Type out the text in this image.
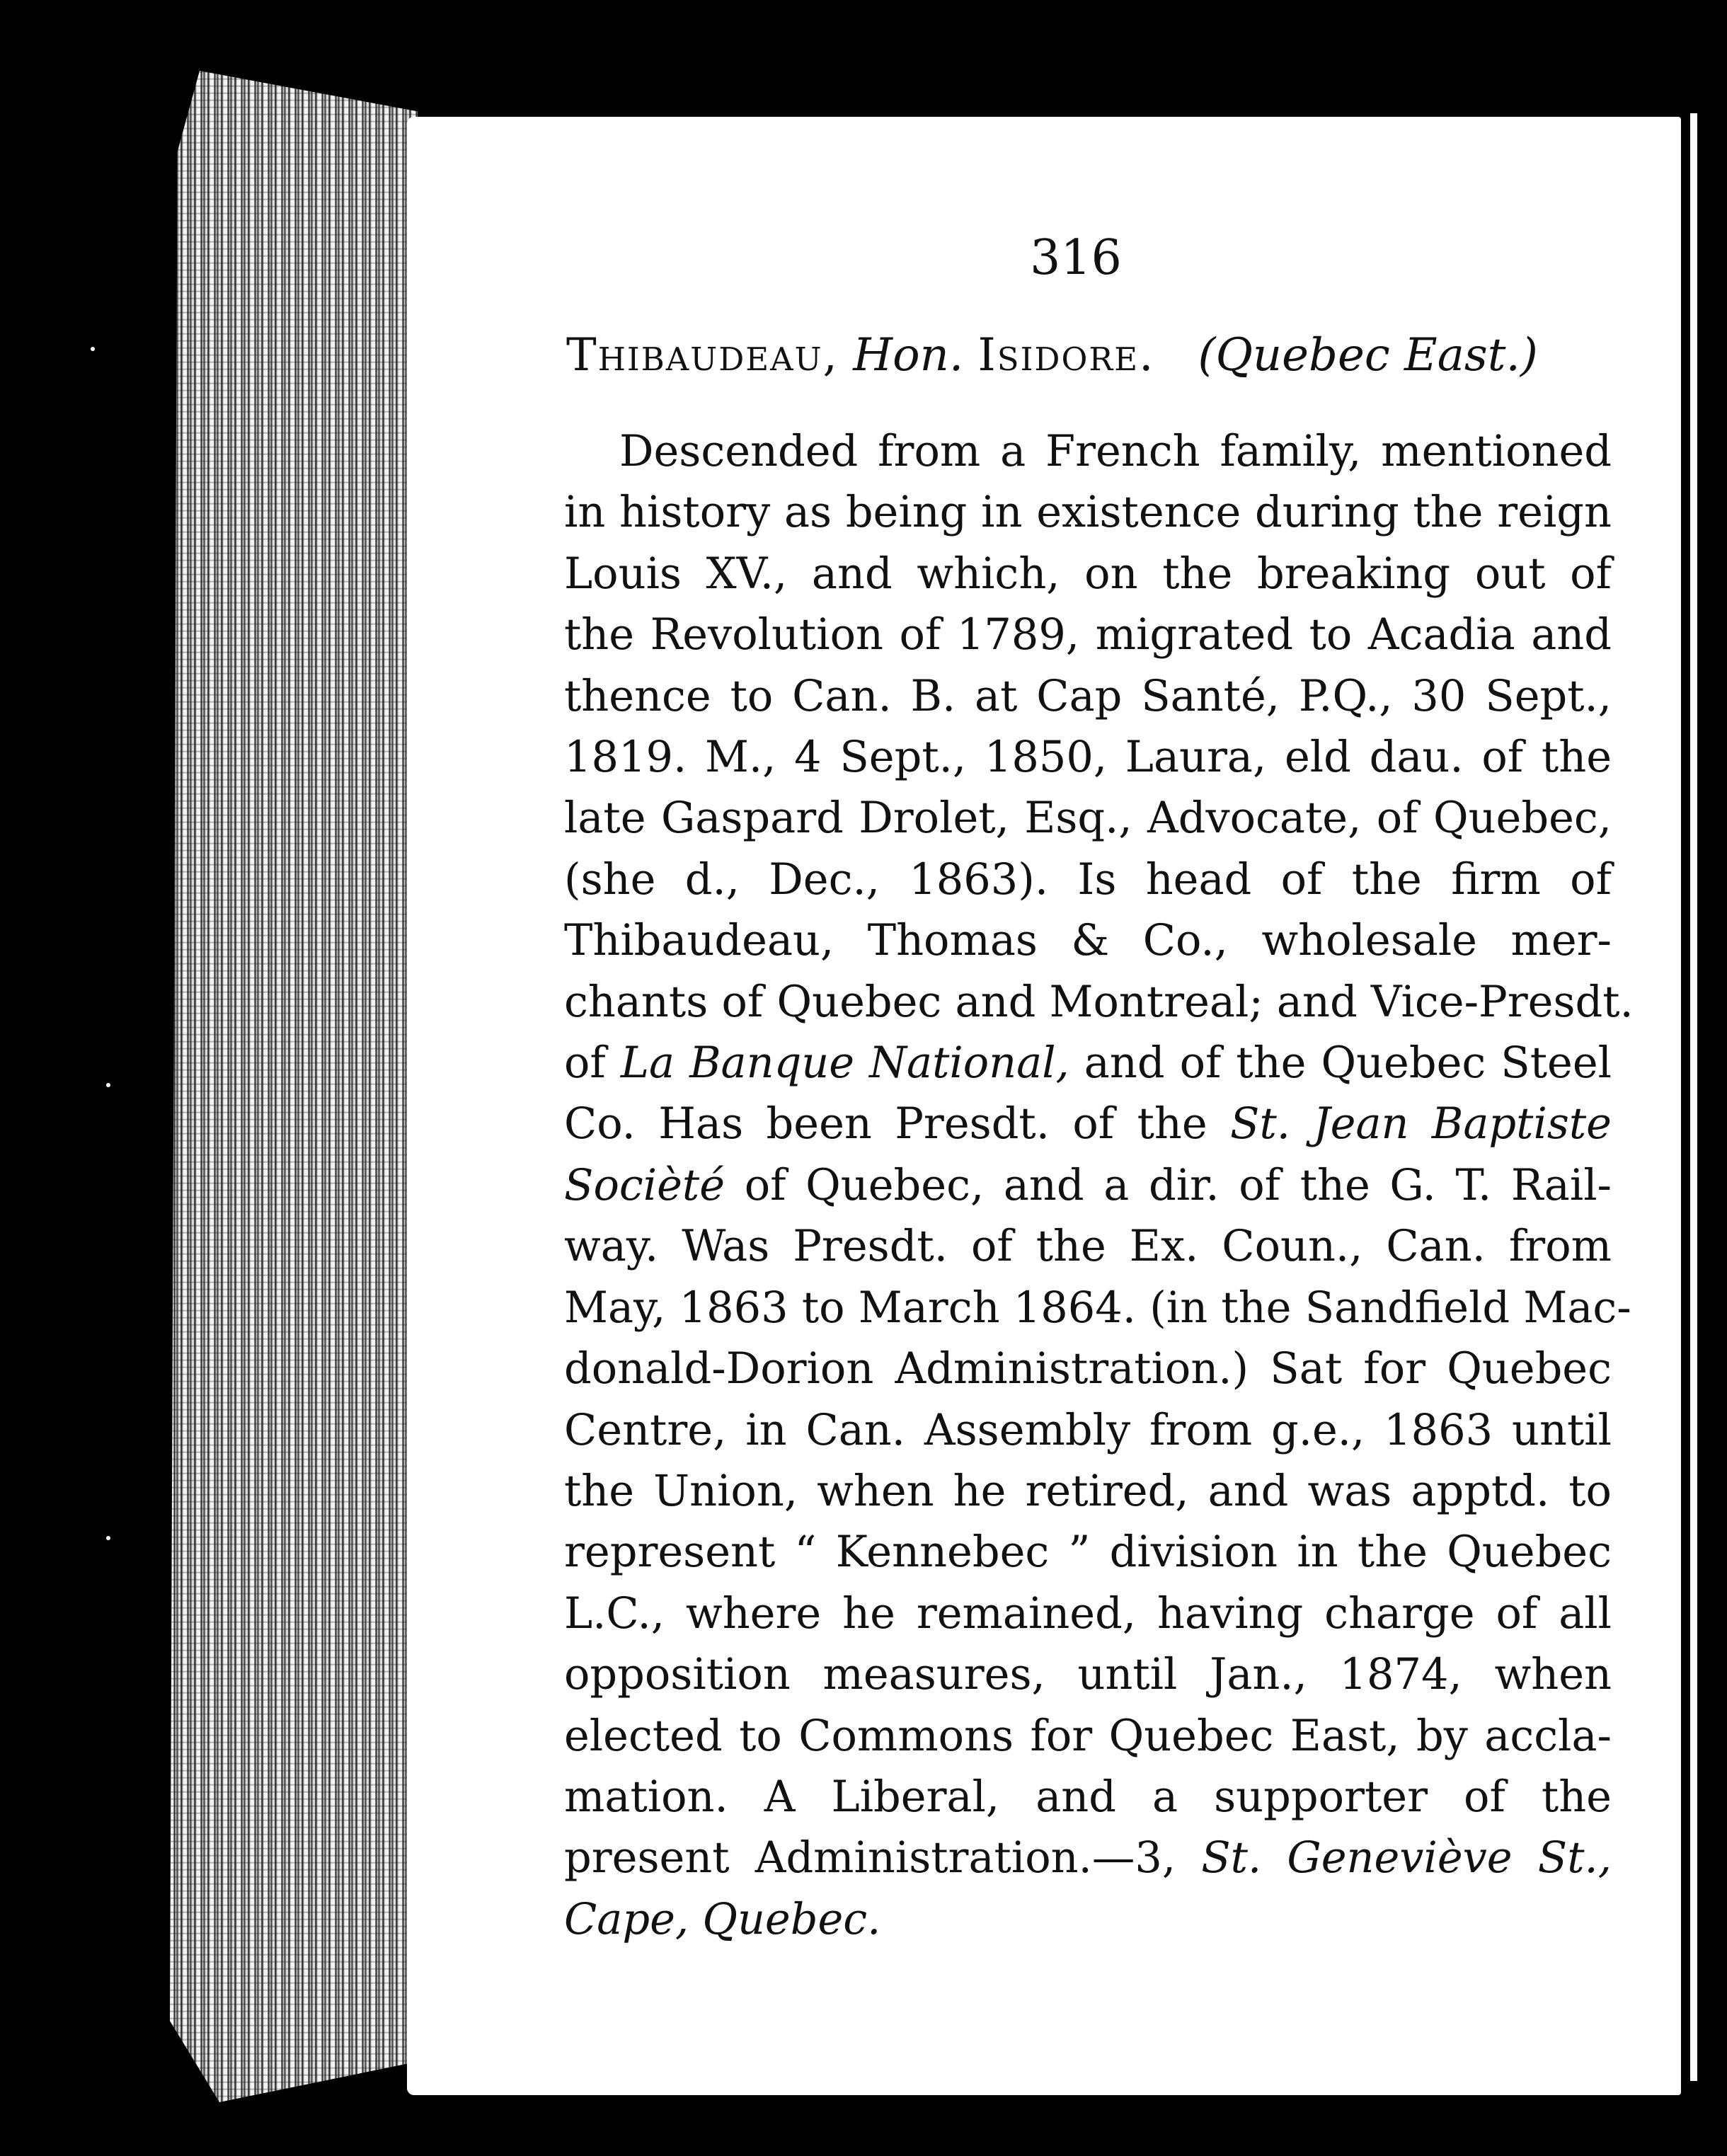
316
Thibaudeau, Hon. Isidore. (Quebec East.)
Descended from a French family, mentioned
in history as being in existence during the reign
Louis XV., and which, on the breaking out of
the Revolution of 1789, migrated to Acadia and
thence to Can. B. at Cap Santé, P.Q., 30 Sept.,
1819. M., 4 Sept., 1850, Laura, eld dau. of the
late Gaspard Drolet, Esq., Advocate, of Quebec,
(she d., Dec., 1863). Is head of the firm of
Thibaudeau, Thomas & Co., wholesale mer-
chants of Quebec and Montreal; and Vice-Presdt.
of La Banque National, and of the Quebec Steel
Co. Has been Presdt. of the St. Jean Baptiste
Socièté of Quebec, and a dir. of the G. T. Rail-
way. Was Presdt. of the Ex. Coun., Can. from
May, 1863 to March 1864. (in the Sandfield Mac-
donald-Dorion Administration.) Sat for Quebec
Centre, in Can. Assembly from g.e., 1863 until
the Union, when he retired, and was apptd. to
represent “ Kennebec ” division in the Quebec
L.C., where he remained, having charge of all
opposition measures, until Jan., 1874, when
elected to Commons for Quebec East, by accla-
mation. A Liberal, and a supporter of the
present Administration.—3, St. Geneviève St.,
Cape, Quebec.
